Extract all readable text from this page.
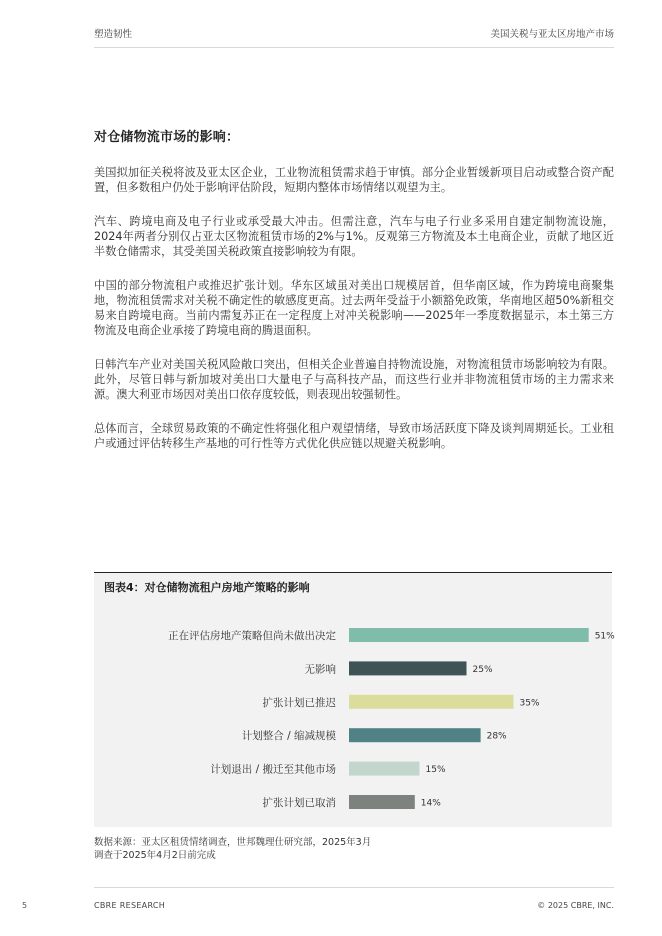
塑造韧性	美国关税与亚太区房地产市场
对仓储物流市场的影响：

美国拟加征关税将波及亚太区企业，工业物流租赁需求趋于审慎。部分企业暂缓新项目启动或整合资产配置，但多数租户仍处于影响评估阶段，短期内整体市场情绪以观望为主。

汽车、跨境电商及电子行业或承受最大冲击。但需注意，汽车与电子行业多采用自建定制物流设施，2024年两者分别仅占亚太区物流租赁市场的2%与1%。反观第三方物流及本土电商企业，贡献了地区近半数仓储需求，其受美国关税政策直接影响较为有限。

中国的部分物流租户或推迟扩张计划。华东区域虽对美出口规模居首，但华南区域，作为跨境电商聚集地，物流租赁需求对关税不确定性的敏感度更高。过去两年受益于小额豁免政策，华南地区超50%新租交易来自跨境电商。当前内需复苏正在一定程度上对冲关税影响——2025年一季度数据显示，本土第三方物流及电商企业承接了跨境电商的腾退面积。

日韩汽车产业对美国关税风险敞口突出，但相关企业普遍自持物流设施，对物流租赁市场影响较为有限。此外，尽管日韩与新加坡对美出口大量电子与高科技产品，而这些行业并非物流租赁市场的主力需求来源。澳大利亚市场因对美出口依存度较低，则表现出较强韧性。

总体而言，全球贸易政策的不确定性将强化租户观望情绪，导致市场活跃度下降及谈判周期延长。工业租户或通过评估转移生产基地的可行性等方式优化供应链以规避关税影响。

图表4：对仓储物流租户房地产策略的影响
正在评估房地产策略但尚未做出决定	51%
无影响	25%
扩张计划已推迟	35%
计划整合 / 缩减规模	28%
计划退出 / 搬迁至其他市场	15%
扩张计划已取消	14%
数据来源：亚太区租赁情绪调查，世邦魏理仕研究部，2025年3月
调查于2025年4月2日前完成
5	CBRE RESEARCH	© 2025 CBRE, INC.
